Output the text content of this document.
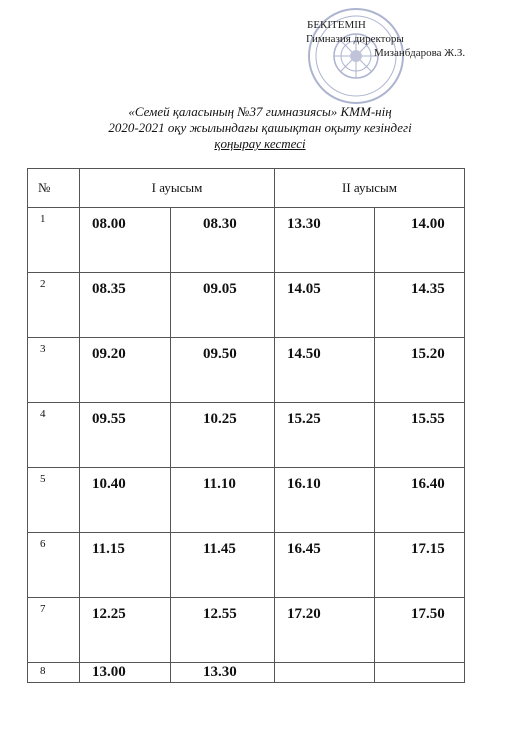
БЕКІТЕМІН
Гимназия директоры
Мизанбдарова Ж.З.
«Семей қаласының №37 гимназиясы» КММ-нің
2020-2021 оқу жылындағы қашықтан оқыту кезіндегі
қоңырау кестесі
№	I ауысым		II ауысым	
1	08.00	08.30	13.30	14.00
2	08.35	09.05	14.05	14.35
3	09.20	09.50	14.50	15.20
4	09.55	10.25	15.25	15.55
5	10.40	11.10	16.10	16.40
6	11.15	11.45	16.45	17.15
7	12.25	12.55	17.20	17.50
8	13.00	13.30		
